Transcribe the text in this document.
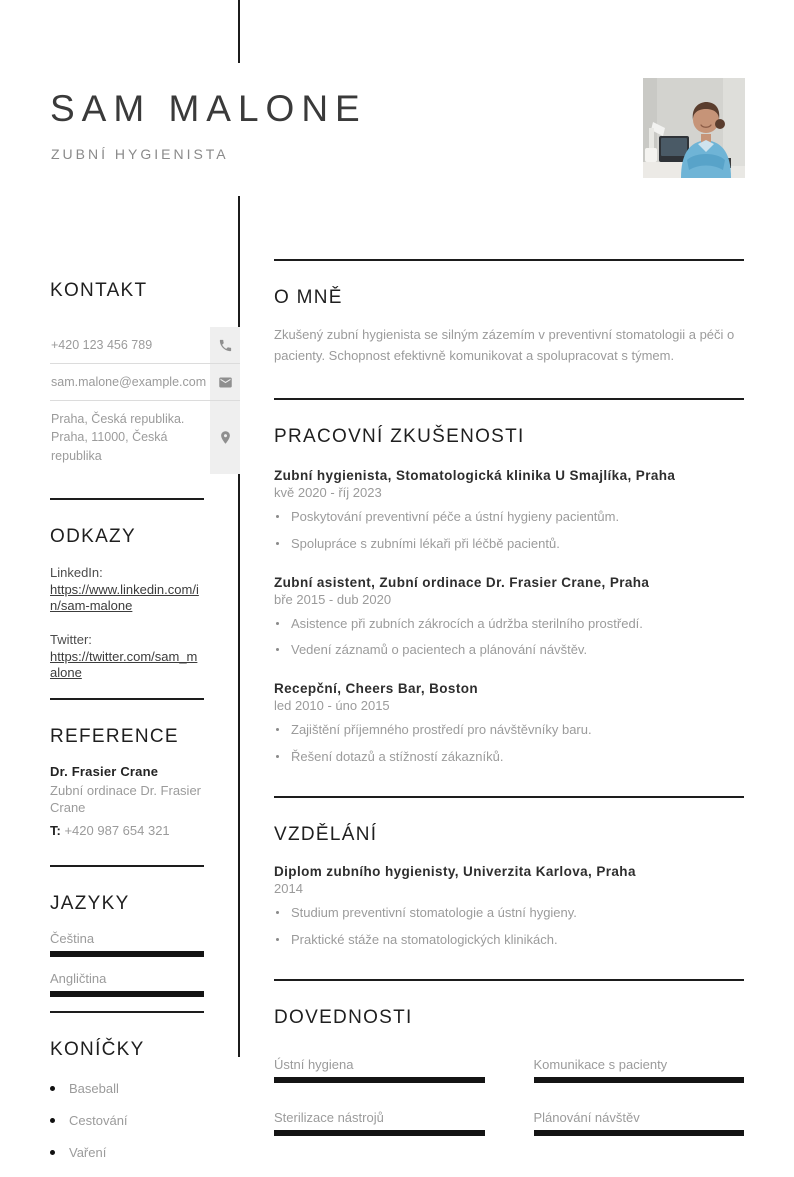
SAM MALONE
ZUBNÍ HYGIENISTA
KONTAKT
+420 123 456 789
sam.malone@example.com
Praha, Česká republika.
Praha, 11000, Česká republika
ODKAZY
LinkedIn:
https://www.linkedin.com/in/sam-malone
Twitter:
https://twitter.com/sam_malone
REFERENCE
Dr. Frasier Crane
Zubní ordinace Dr. Frasier Crane
T: +420 987 654 321
JAZYKY
Čeština
Angličtina
KONÍČKY
Baseball
Cestování
Vaření
O MNĚ
Zkušený zubní hygienista se silným zázemím v preventivní stomatologii a péči o pacienty. Schopnost efektivně komunikovat a spolupracovat s týmem.
PRACOVNÍ ZKUŠENOSTI
Zubní hygienista, Stomatologická klinika U Smajlíka, Praha
kvě 2020 - říj 2023
Poskytování preventivní péče a ústní hygieny pacientům.
Spolupráce s zubními lékaři při léčbě pacientů.
Zubní asistent, Zubní ordinace Dr. Frasier Crane, Praha
bře 2015 - dub 2020
Asistence při zubních zákrocích a údržba sterilního prostředí.
Vedení záznamů o pacientech a plánování návštěv.
Recepční, Cheers Bar, Boston
led 2010 - úno 2015
Zajištění příjemného prostředí pro návštěvníky baru.
Řešení dotazů a stížností zákazníků.
VZDĚLÁNÍ
Diplom zubního hygienisty, Univerzita Karlova, Praha
2014
Studium preventivní stomatologie a ústní hygieny.
Praktické stáže na stomatologických klinikách.
DOVEDNOSTI
Ústní hygiena	Komunikace s pacienty
Sterilizace nástrojů	Plánování návštěv
